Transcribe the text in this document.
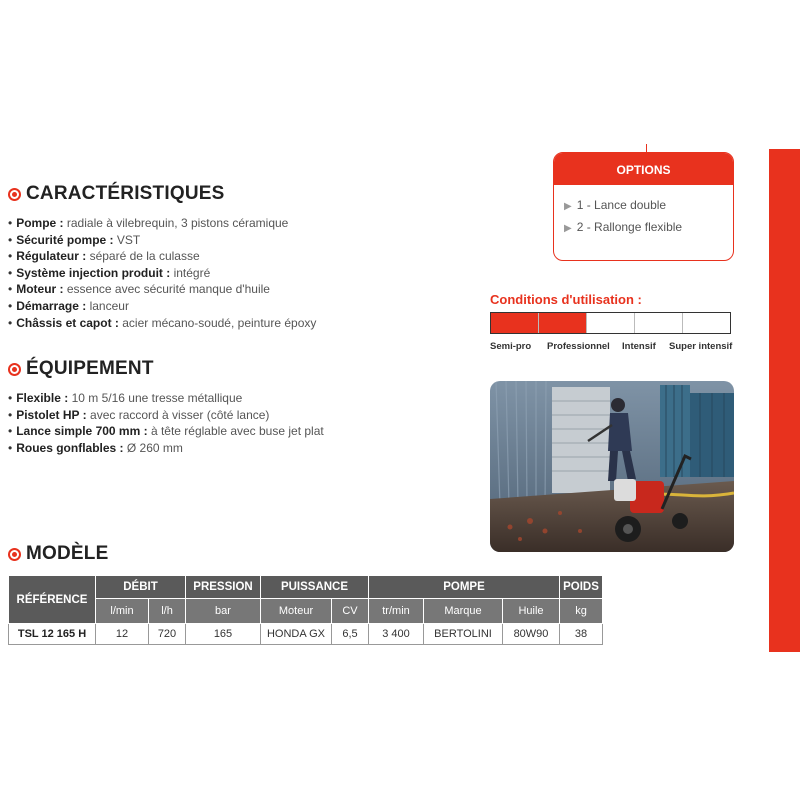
CARACTÉRISTIQUES
• Pompe : radiale à vilebrequin, 3 pistons céramique
• Sécurité pompe : VST
• Régulateur : séparé de la culasse
• Système injection produit : intégré
• Moteur : essence avec sécurité manque d'huile
• Démarrage : lanceur
• Châssis et capot : acier mécano-soudé, peinture époxy
ÉQUIPEMENT
• Flexible : 10 m 5/16 une tresse métallique
• Pistolet HP : avec raccord à visser (côté lance)
• Lance simple 700 mm : à tête réglable avec buse jet plat
• Roues gonflables : Ø 260 mm
OPTIONS
▶ 1 - Lance double
▶ 2 - Rallonge flexible
Conditions d'utilisation :
Semi-pro Professionnel Intensif Super intensif
MODÈLE
RÉFÉRENCE	DÉBIT		PRESSION	PUISSANCE		POMPE			POIDS
	l/min	l/h	bar	Moteur	CV	tr/min	Marque	Huile	kg
TSL 12 165 H	12	720	165	HONDA GX	6,5	3 400	BERTOLINI	80W90	38
